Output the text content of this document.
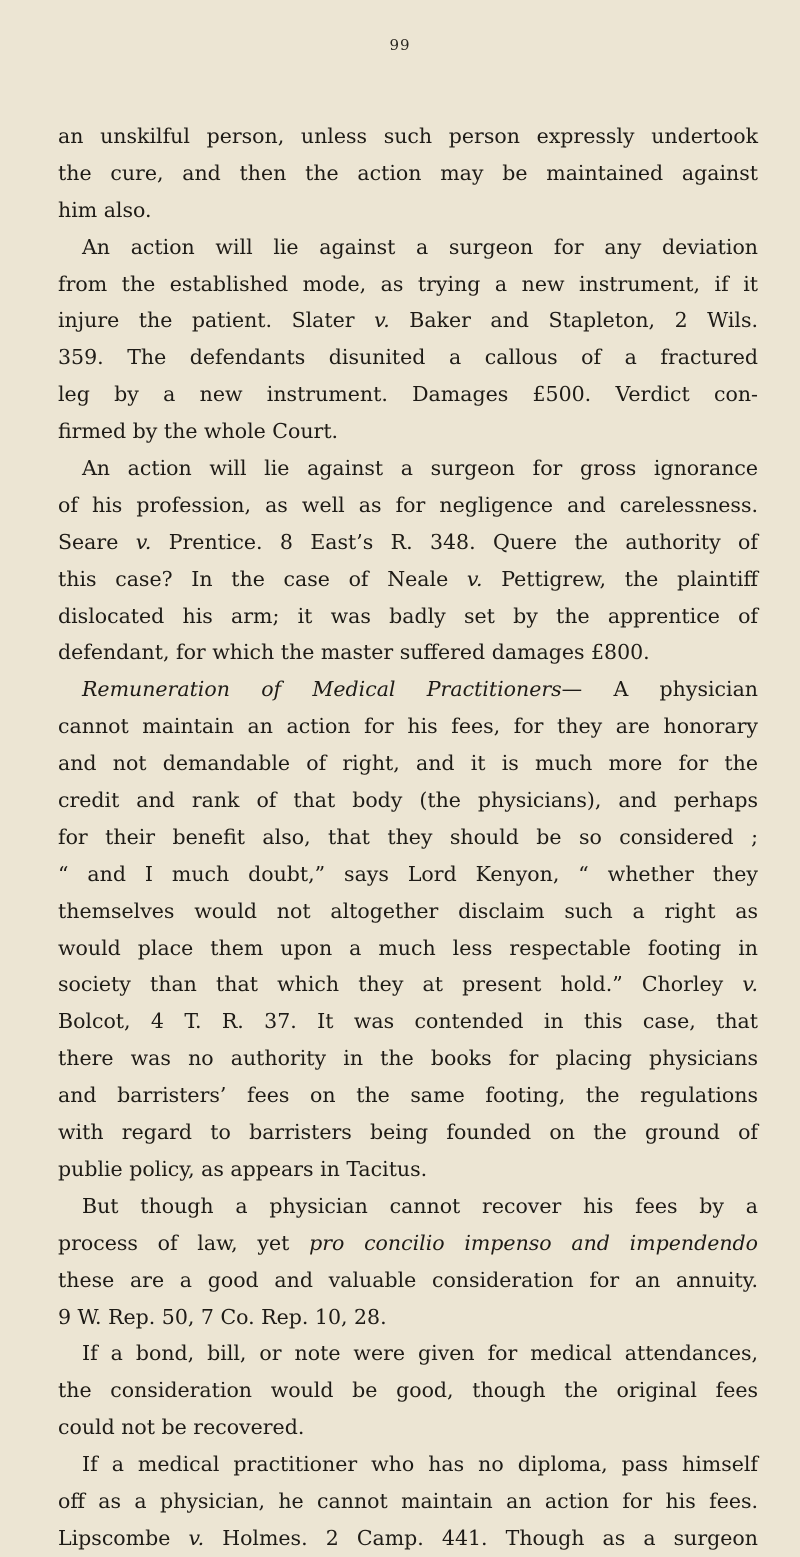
99
an unskilful person, unless such person expressly undertook
the cure, and then the action may be maintained against
him also.
An action will lie against a surgeon for any deviation
from the established mode, as trying a new instrument, if it
injure the patient. Slater v. Baker and Stapleton, 2 Wils.
359. The defendants disunited a callous of a fractured
leg by a new instrument. Damages £500. Verdict con-
firmed by the whole Court.
An action will lie against a surgeon for gross ignorance
of his profession, as well as for negligence and carelessness.
Seare v. Prentice. 8 East’s R. 348. Quere the authority of
this case? In the case of Neale v. Pettigrew, the plaintiff
dislocated his arm; it was badly set by the apprentice of
defendant, for which the master suffered damages £800.
Remuneration of Medical Practitioners— A physician
cannot maintain an action for his fees, for they are honorary
and not demandable of right, and it is much more for the
credit and rank of that body (the physicians), and perhaps
for their benefit also, that they should be so considered ;
“ and I much doubt,” says Lord Kenyon, “ whether they
themselves would not altogether disclaim such a right as
would place them upon a much less respectable footing in
society than that which they at present hold.” Chorley v.
Bolcot, 4 T. R. 37. It was contended in this case, that
there was no authority in the books for placing physicians
and barristers’ fees on the same footing, the regulations
with regard to barristers being founded on the ground of
publie policy, as appears in Tacitus.
But though a physician cannot recover his fees by a
process of law, yet pro concilio impenso and impendendo
these are a good and valuable consideration for an annuity.
9 W. Rep. 50, 7 Co. Rep. 10, 28.
If a bond, bill, or note were given for medical attendances,
the consideration would be good, though the original fees
could not be recovered.
If a medical practitioner who has no diploma, pass himself
off as a physician, he cannot maintain an action for his fees.
Lipscombe v. Holmes. 2 Camp. 441. Though as a surgeon
